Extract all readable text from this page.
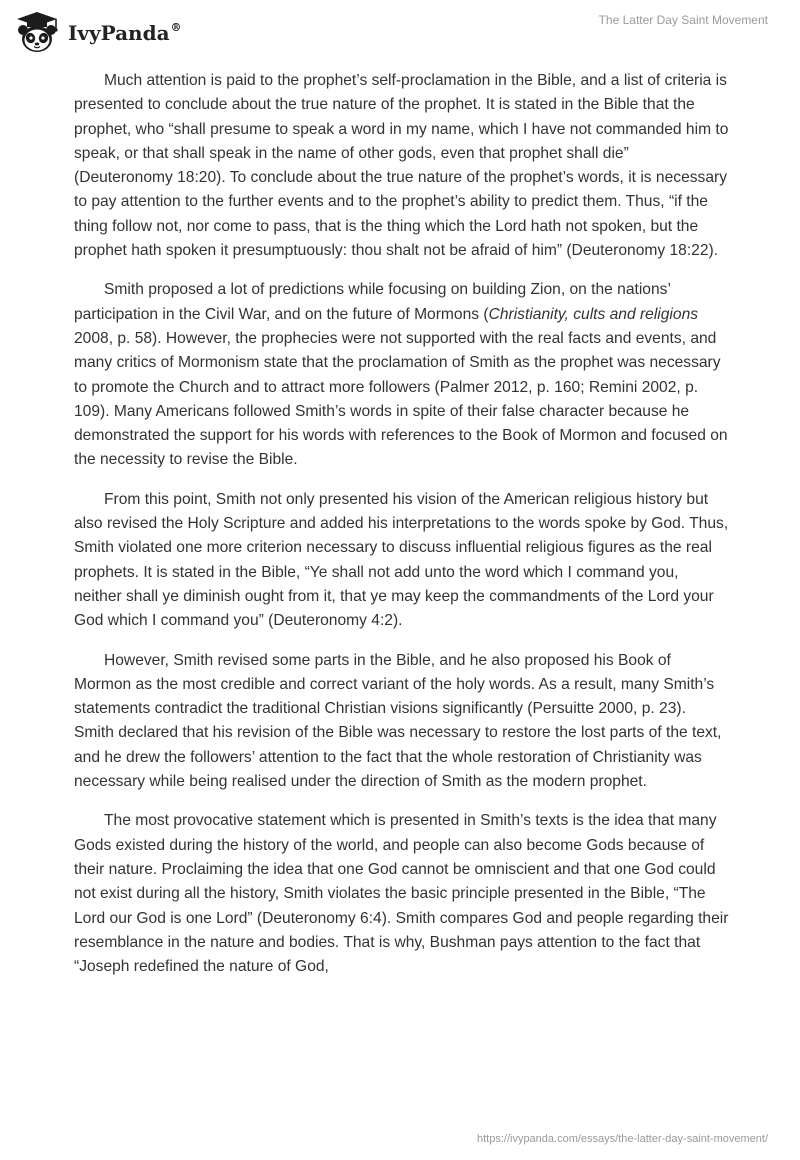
IvyPanda®
The Latter Day Saint Movement

Much attention is paid to the prophet’s self-proclamation in the Bible, and a list of criteria is presented to conclude about the true nature of the prophet. It is stated in the Bible that the prophet, who “shall presume to speak a word in my name, which I have not commanded him to speak, or that shall speak in the name of other gods, even that prophet shall die” (Deuteronomy 18:20). To conclude about the true nature of the prophet’s words, it is necessary to pay attention to the further events and to the prophet’s ability to predict them. Thus, “if the thing follow not, nor come to pass, that is the thing which the Lord hath not spoken, but the prophet hath spoken it presumptuously: thou shalt not be afraid of him” (Deuteronomy 18:22).

Smith proposed a lot of predictions while focusing on building Zion, on the nations’ participation in the Civil War, and on the future of Mormons (Christianity, cults and religions 2008, p. 58). However, the prophecies were not supported with the real facts and events, and many critics of Mormonism state that the proclamation of Smith as the prophet was necessary to promote the Church and to attract more followers (Palmer 2012, p. 160; Remini 2002, p. 109). Many Americans followed Smith’s words in spite of their false character because he demonstrated the support for his words with references to the Book of Mormon and focused on the necessity to revise the Bible.

From this point, Smith not only presented his vision of the American religious history but also revised the Holy Scripture and added his interpretations to the words spoke by God. Thus, Smith violated one more criterion necessary to discuss influential religious figures as the real prophets. It is stated in the Bible, “Ye shall not add unto the word which I command you, neither shall ye diminish ought from it, that ye may keep the commandments of the Lord your God which I command you” (Deuteronomy 4:2).

However, Smith revised some parts in the Bible, and he also proposed his Book of Mormon as the most credible and correct variant of the holy words. As a result, many Smith’s statements contradict the traditional Christian visions significantly (Persuitte 2000, p. 23). Smith declared that his revision of the Bible was necessary to restore the lost parts of the text, and he drew the followers’ attention to the fact that the whole restoration of Christianity was necessary while being realised under the direction of Smith as the modern prophet.

The most provocative statement which is presented in Smith’s texts is the idea that many Gods existed during the history of the world, and people can also become Gods because of their nature. Proclaiming the idea that one God cannot be omniscient and that one God could not exist during all the history, Smith violates the basic principle presented in the Bible, “The Lord our God is one Lord” (Deuteronomy 6:4). Smith compares God and people regarding their resemblance in the nature and bodies. That is why, Bushman pays attention to the fact that “Joseph redefined the nature of God,

https://ivypanda.com/essays/the-latter-day-saint-movement/
